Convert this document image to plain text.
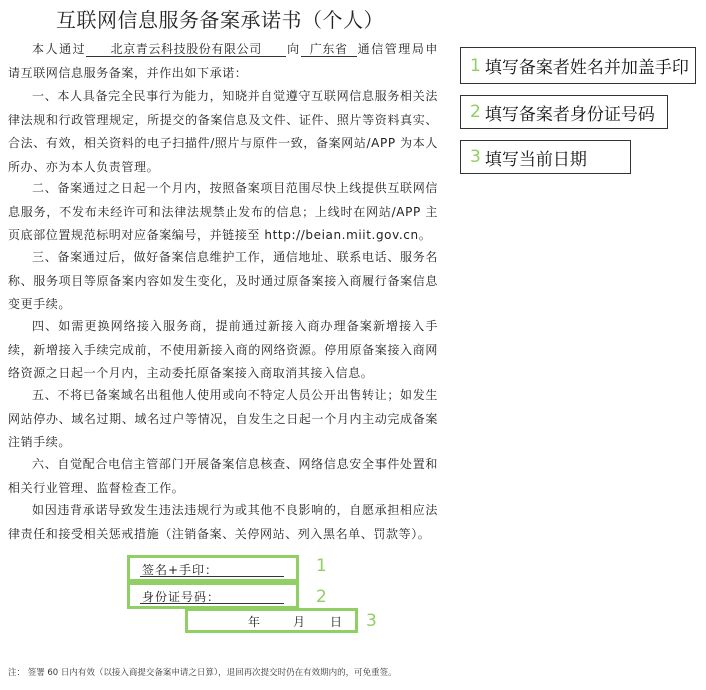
互联网信息服务备案承诺书（个人）

本人通过 北京青云科技股份有限公司 向 广东省 通信管理局申请互联网信息服务备案，并作出如下承诺：

一、本人具备完全民事行为能力，知晓并自觉遵守互联网信息服务相关法律法规和行政管理规定，所提交的备案信息及文件、证件、照片等资料真实、合法、有效，相关资料的电子扫描件/照片与原件一致，备案网站/APP 为本人所办、亦为本人负责管理。

二、备案通过之日起一个月内，按照备案项目范围尽快上线提供互联网信息服务，不发布未经许可和法律法规禁止发布的信息；上线时在网站/APP 主页底部位置规范标明对应备案编号，并链接至 http://beian.miit.gov.cn。

三、备案通过后，做好备案信息维护工作，通信地址、联系电话、服务名称、服务项目等原备案内容如发生变化，及时通过原备案接入商履行备案信息变更手续。

四、如需更换网络接入服务商，提前通过新接入商办理备案新增接入手续，新增接入手续完成前，不使用新接入商的网络资源。停用原备案接入商网络资源之日起一个月内，主动委托原备案接入商取消其接入信息。

五、不将已备案域名出租他人使用或向不特定人员公开出售转让；如发生网站停办、域名过期、域名过户等情况，自发生之日起一个月内主动完成备案注销手续。

六、自觉配合电信主管部门开展备案信息核查、网络信息安全事件处置和相关行业管理、监督检查工作。

如因违背承诺导致发生违法违规行为或其他不良影响的，自愿承担相应法律责任和接受相关惩戒措施（注销备案、关停网站、列入黑名单、罚款等）。

签名+手印：	1
身份证号码：	2
年	月 日 3
1 填写备案者姓名并加盖手印
2 填写备案者身份证号码
3 填写当前日期
注： 签署 60 日内有效（以接入商提交备案申请之日算），退回再次提交时仍在有效期内的，可免重签。
